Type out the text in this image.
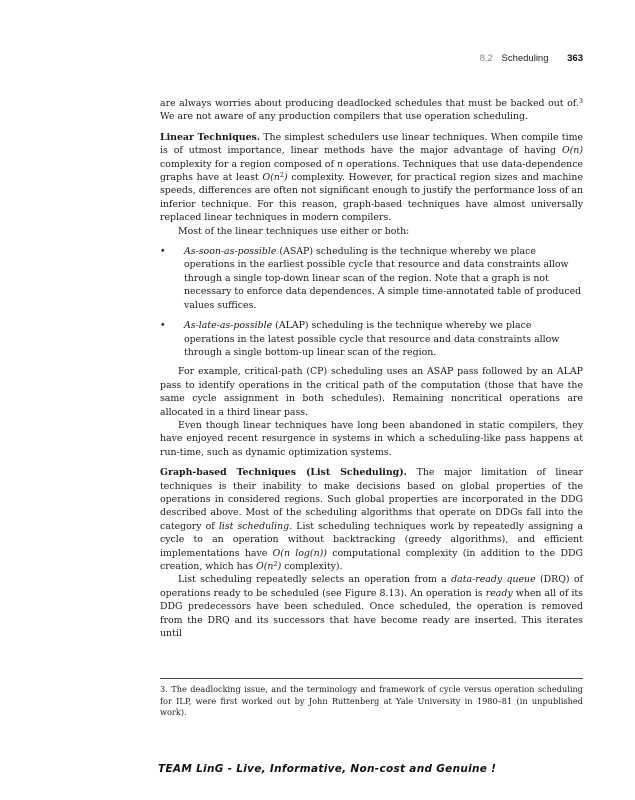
8.2 Scheduling 363

are always worries about producing deadlocked schedules that must be backed out of.$^3$ We are not aware of any production compilers that use operation scheduling.

Linear Techniques. The simplest schedulers use linear techniques. When compile time is of utmost importance, linear methods have the major advantage of having O(n) complexity for a region composed of n operations. Techniques that use data-dependence graphs have at least $O(n^2)$ complexity. However, for practical region sizes and machine speeds, differences are often not significant enough to justify the performance loss of an inferior technique. For this reason, graph-based techniques have almost universally replaced linear techniques in modern compilers.

Most of the linear techniques use either or both:

• As-soon-as-possible (ASAP) scheduling is the technique whereby we place operations in the earliest possible cycle that resource and data constraints allow through a single top-down linear scan of the region. Note that a graph is not necessary to enforce data dependences. A simple time-annotated table of produced values suffices.
• As-late-as-possible (ALAP) scheduling is the technique whereby we place operations in the latest possible cycle that resource and data constraints allow through a single bottom-up linear scan of the region.

For example, critical-path (CP) scheduling uses an ASAP pass followed by an ALAP pass to identify operations in the critical path of the computation (those that have the same cycle assignment in both schedules). Remaining noncritical operations are allocated in a third linear pass.

Even though linear techniques have long been abandoned in static compilers, they have enjoyed recent resurgence in systems in which a scheduling-like pass happens at run-time, such as dynamic optimization systems.

Graph-based Techniques (List Scheduling). The major limitation of linear techniques is their inability to make decisions based on global properties of the operations in considered regions. Such global properties are incorporated in the DDG described above. Most of the scheduling algorithms that operate on DDGs fall into the category of list scheduling. List scheduling techniques work by repeatedly assigning a cycle to an operation without backtracking (greedy algorithms), and efficient implementations have O(n log(n)) computational complexity (in addition to the DDG creation, which has $O(n^2)$ complexity).

List scheduling repeatedly selects an operation from a data-ready queue (DRQ) of operations ready to be scheduled (see Figure 8.13). An operation is ready when all of its DDG predecessors have been scheduled. Once scheduled, the operation is removed from the DRQ and its successors that have become ready are inserted. This iterates until

3. The deadlocking issue, and the terminology and framework of cycle versus operation scheduling for ILP, were first worked out by John Ruttenberg at Yale University in 1980–81 (in unpublished work).

TEAM LinG - Live, Informative, Non-cost and Genuine !
